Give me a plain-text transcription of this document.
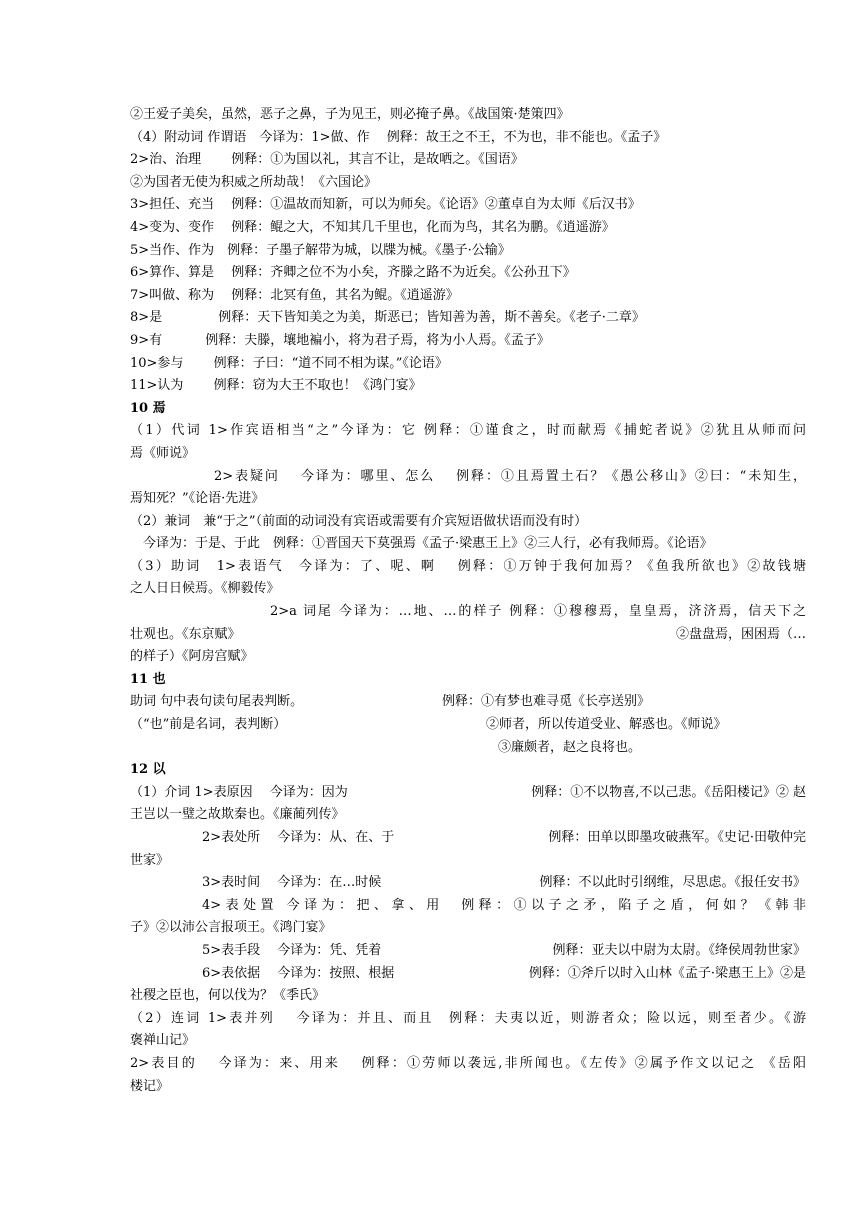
②王爱子美矣，虽然，恶子之鼻，子为见王，则必掩子鼻。《战国策·楚策四》
（4）附动词 作谓语　今译为：1>做、作　 例释：故王之不王，不为也，非不能也。《孟子》
2>治、治理　　 例释：①为国以礼，其言不让，是故哂之。《国语》
②为国者无使为积威之所劫哉！《六国论》
3>担任、充当　 例释：①温故而知新，可以为师矣。《论语》②董卓自为太师《后汉书》
4>变为、变作　 例释：鲲之大，不知其几千里也，化而为鸟，其名为鹏。《逍遥游》
5>当作、作为　例释：子墨子解带为城，以牒为械。《墨子·公输》
6>算作、算是　 例释：齐卿之位不为小矣，齐滕之路不为近矣。《公孙丑下》
7>叫做、称为　 例释：北冥有鱼，其名为鲲。《逍遥游》
8>是　　　　 例释：天下皆知美之为美，斯恶已；皆知善为善，斯不善矣。《老子·二章》
9>有　　　 例释：夫滕，壤地褊小，将为君子焉，将为小人焉。《孟子》
10>参与　　 例释：子曰：“道不同不相为谋。”《论语》
11>认为　　 例释：窃为大王不取也！《鸿门宴》
10 焉
（1）代词 1>作宾语相当“之”今译为：它 例释：①谨食之，时而献焉《捕蛇者说》②犹且从师而问
焉《师说》
2>表疑问　 今译为：哪里、怎么　 例释：①且焉置土石？《愚公移山》②曰：“未知生，
焉知死？”《论语·先进》
（2）兼词　兼“于之”（前面的动词没有宾语或需要有介宾短语做状语而没有时）
　今译为：于是、于此　例释：①晋国天下莫强焉《孟子·梁惠王上》②三人行，必有我师焉。《论语》
（3）助词　1>表语气　今译为：了、呢、啊　 例释：①万钟于我何加焉？《鱼我所欲也》②故钱塘
之人日日候焉。《柳毅传》
2>a 词尾 今译为：…地、…的样子 例释：①穆穆焉，皇皇焉，济济焉，信天下之
壮观也。《东京赋》	②盘盘焉，困困焉（…
的样子）《阿房宫赋》
11 也
助词 句中表句读句尾表判断。	例释：①有梦也难寻觅《长亭送别》
（“也”前是名词，表判断）	②师者，所以传道受业、解惑也。《师说》
③廉颇者，赵之良将也。
12 以
（1）介词 1>表原因　 今译为：因为	例释：①不以物喜,不以己悲。《岳阳楼记》② 赵
王岂以一璧之故欺秦也。《廉蔺列传》
2>表处所　 今译为：从、在、于	例释：田单以即墨攻破燕军。《史记·田敬仲完
世家》
3>表时间　 今译为：在…时候	例释：不以此时引纲维，尽思虑。《报任安书》
4>表处置 今译为：把、拿、用　例释：①以子之矛，陷子之盾，何如？《韩非
子》②以沛公言报项王。《鸿门宴》
5>表手段　 今译为：凭、凭着	例释：亚夫以中尉为太尉。《绛侯周勃世家》
6>表依据　 今译为：按照、根据	例释：①斧斤以时入山林《孟子·梁惠王上》②是
社稷之臣也，何以伐为？《季氏》
（2）连词 1>表并列　 今译为：并且、而且　例释：夫夷以近，则游者众；险以远，则至者少。《游
褒禅山记》
2>表目的　 今译为：来、用来　 例释：①劳师以袭远,非所闻也。《左传》②属予作文以记之 《岳阳
楼记》
